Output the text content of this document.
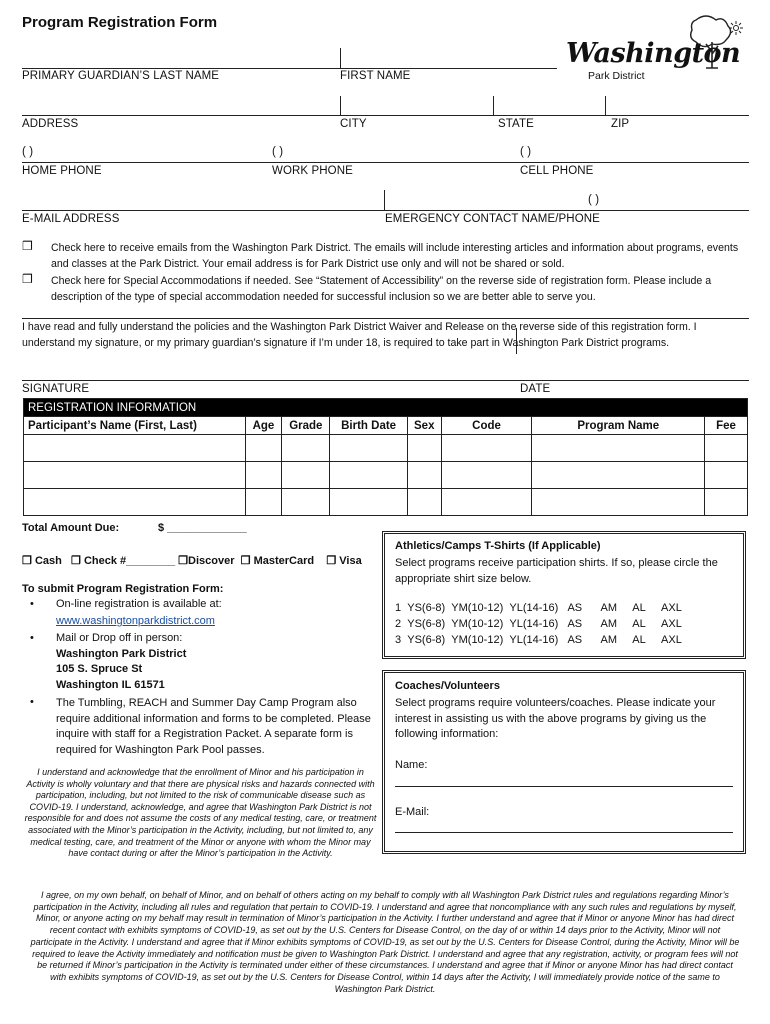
Program Registration Form
Washington
Park District
PRIMARY GUARDIAN’S LAST NAME	FIRST NAME
ADDRESS	CITY	STATE	ZIP
( )	( )	( )
HOME PHONE	WORK PHONE	CELL PHONE
( )
E-MAIL ADDRESS	EMERGENCY CONTACT NAME/PHONE
❒ Check here to receive emails from the Washington Park District. The emails will include interesting articles and information about programs, events and classes at the Park District. Your email address is for Park District use only and will not be shared or sold.
❒ Check here for Special Accommodations if needed. See “Statement of Accessibility” on the reverse side of registration form. Please include a description of the type of special accommodation needed for successful inclusion so we are better able to serve you.
I have read and fully understand the policies and the Washington Park District Waiver and Release on the reverse side of this registration form. I understand my signature, or my primary guardian’s signature if I’m under 18, is required to take part in Washington Park District programs.
SIGNATURE	DATE
REGISTRATION INFORMATION							
Participant’s Name (First, Last)	Age	Grade	Birth Date	Sex	Code	Program Name	Fee

Total Amount Due:	$ _____________
❒ Cash ❒ Check #________ ❒Discover ❒ MasterCard ❒ Visa
To submit Program Registration Form:
• On-line registration is available at:
www.washingtonparkdistrict.com
• Mail or Drop off in person:
Washington Park District
105 S. Spruce St
Washington IL 61571
• The Tumbling, REACH and Summer Day Camp Program also require additional information and forms to be completed. Please inquire with staff for a Registration Packet. A separate form is required for Washington Park Pool passes.
I understand and acknowledge that the enrollment of Minor and his participation in Activity is wholly voluntary and that there are physical risks and hazards connected with participation, including, but not limited to the risk of communicable disease such as COVID-19. I understand, acknowledge, and agree that Washington Park District is not responsible for and does not assume the costs of any medical testing, care, or treatment associated with the Minor’s participation in the Activity, including, but not limited to, any medical testing, care, and treatment of the Minor or anyone with whom the Minor may have contact during or after the Minor’s participation in the Activity.
Athletics/Camps T-Shirts (If Applicable)
Select programs receive participation shirts. If so, please circle the appropriate shirt size below.
1 YS(6-8) YM(10-12) YL(14-16) AS AM AL AXL
2 YS(6-8) YM(10-12) YL(14-16) AS AM AL AXL
3 YS(6-8) YM(10-12) YL(14-16) AS AM AL AXL
Coaches/Volunteers
Select programs require volunteers/coaches. Please indicate your interest in assisting us with the above programs by giving us the following information:
Name:
E-Mail:
I agree, on my own behalf, on behalf of Minor, and on behalf of others acting on my behalf to comply with all Washington Park District rules and regulations regarding Minor’s participation in the Activity, including all rules and regulation that pertain to COVID-19. I understand and agree that noncompliance with any such rules and regulations by myself, Minor, or anyone acting on my behalf may result in termination of Minor’s participation in the Activity. I further understand and agree that if Minor or anyone Minor has had direct recent contact with exhibits symptoms of COVID-19, as set out by the U.S. Centers for Disease Control, on the day of or within 14 days prior to the Activity, Minor will not participate in the Activity. I understand and agree that if Minor exhibits symptoms of COVID-19, as set out by the U.S. Centers for Disease Control, during the Activity, Minor will be required to leave the Activity immediately and notification must be given to Washington Park District. I understand and agree that any registration, activity, or program fees will not be returned if Minor’s participation in the Activity is terminated under either of these circumstances. I understand and agree that if Minor or anyone Minor has had direct contact with exhibits symptoms of COVID-19, as set out by the U.S. Centers for Disease Control, within 14 days after the Activity, I will immediately provide notice of the same to Washington Park District.
